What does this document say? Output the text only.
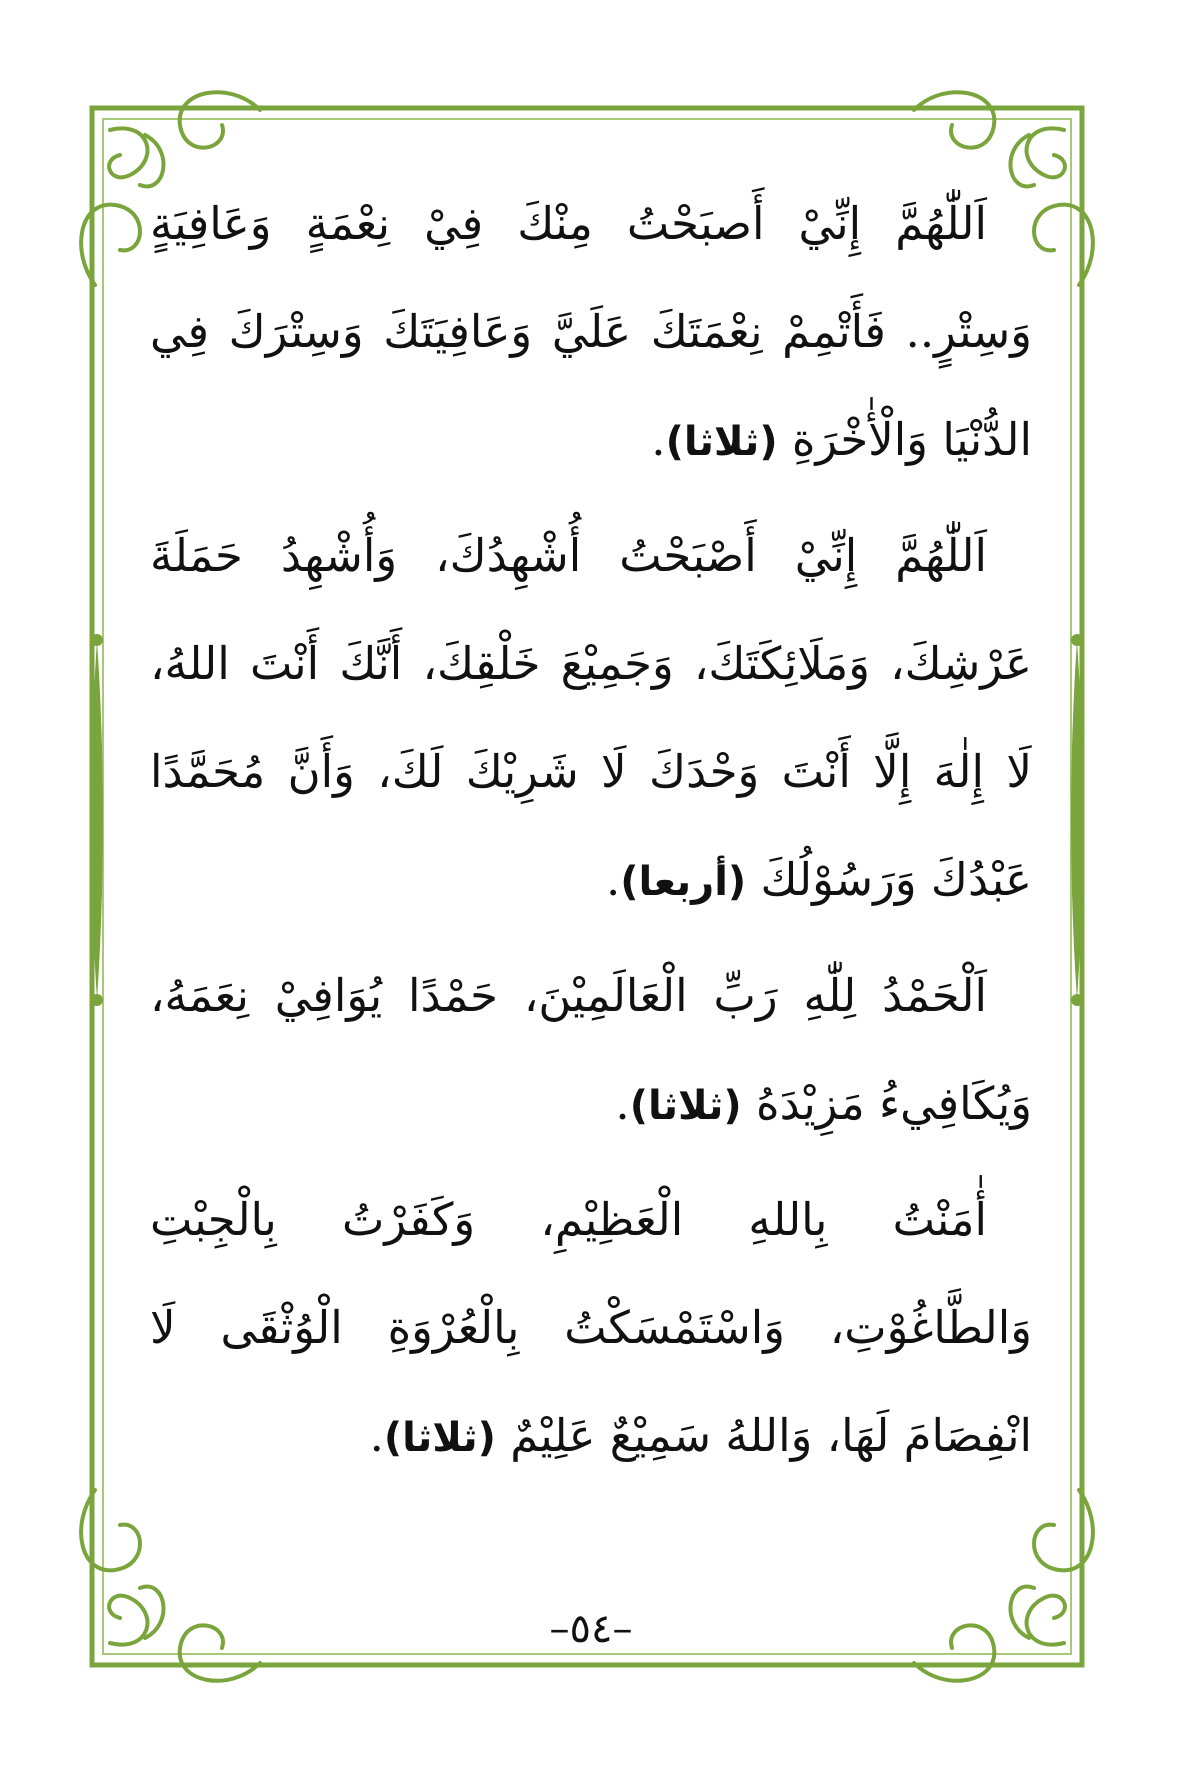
اَللّٰهُمَّ إِنِّيْ أَصبَحْتُ مِنْكَ فِيْ نِعْمَةٍ وَعَافِيَةٍ وَسِتْرٍ.. فَأَتْمِمْ نِعْمَتَكَ عَلَيَّ وَعَافِيَتَكَ وَسِتْرَكَ فِي الدُّنْيَا وَالْأٰخْرَةِ (ثلاثا).

اَللّٰهُمَّ إِنِّيْ أَصْبَحْتُ أُشْهِدُكَ، وَأُشْهِدُ حَمَلَةَ عَرْشِكَ، وَمَلَائِكَتَكَ، وَجَمِيْعَ خَلْقِكَ، أَنَّكَ أَنْتَ اللهُ، لَا إِلٰهَ إِلَّا أَنْتَ وَحْدَكَ لَا شَرِيْكَ لَكَ، وَأَنَّ مُحَمَّدًا عَبْدُكَ وَرَسُوْلُكَ (أربعا).

اَلْحَمْدُ لِلّٰهِ رَبِّ الْعَالَمِيْنَ، حَمْدًا يُوَافِيْ نِعَمَهُ، وَيُكَافِيءُ مَزِيْدَهُ (ثلاثا).

أٰمَنْتُ بِاللهِ الْعَظِيْمِ، وَكَفَرْتُ بِالْجِبْتِ وَالطَّاغُوْتِ، وَاسْتَمْسَكْتُ بِالْعُرْوَةِ الْوُثْقَى لَا انْفِصَامَ لَهَا، وَاللهُ سَمِيْعٌ عَلِيْمٌ (ثلاثا).

–٥٤–
